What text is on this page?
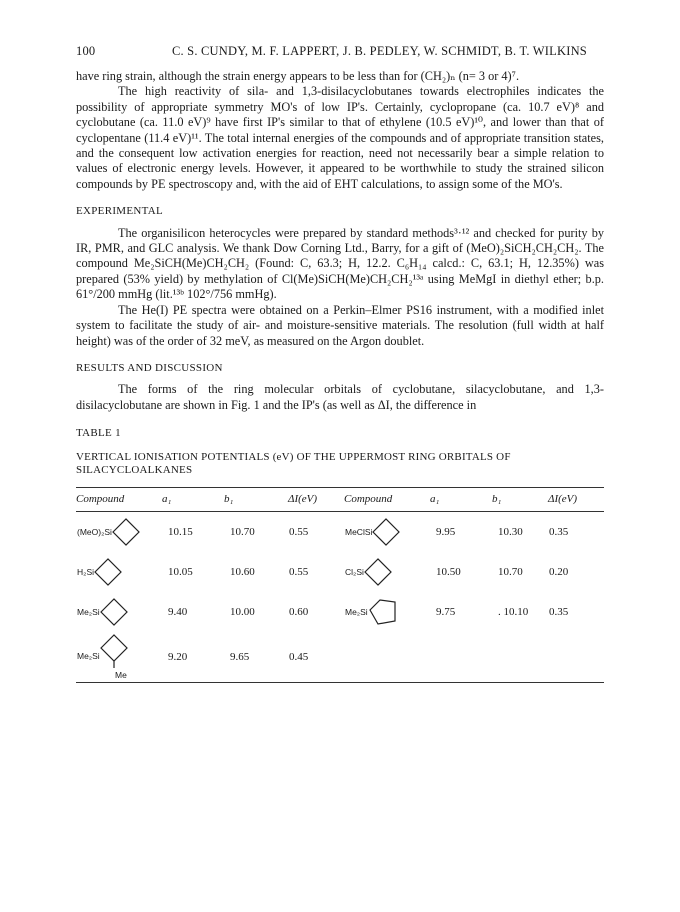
100	C. S. CUNDY, M. F. LAPPERT, J. B. PEDLEY, W. SCHMIDT, B. T. WILKINS

have ring strain, although the strain energy appears to be less than for (CH₂)ₙ (n= 3 or 4)⁷.

The high reactivity of sila- and 1,3-disilacyclobutanes towards electrophiles indicates the possibility of appropriate symmetry MO's of low IP's. Certainly, cyclopropane (ca. 10.7 eV)⁸ and cyclobutane (ca. 11.0 eV)⁹ have first IP's similar to that of ethylene (10.5 eV)¹⁰, and lower than that of cyclopentane (11.4 eV)¹¹. The total internal energies of the compounds and of appropriate transition states, and the consequent low activation energies for reaction, need not necessarily bear a simple relation to values of electronic energy levels. However, it appeared to be worthwhile to study the strained silicon compounds by PE spectroscopy and, with the aid of EHT calculations, to assign some of the MO's.

EXPERIMENTAL

The organisilicon heterocycles were prepared by standard methods³·¹² and checked for purity by IR, PMR, and GLC analysis. We thank Dow Corning Ltd., Barry, for a gift of (MeO)₂SiCH₂CH₂CH₂. The compound Me₂SiCH(Me)CH₂CH₂ (Found: C, 63.3; H, 12.2. C₆H₁₄ calcd.: C, 63.1; H, 12.35%) was prepared (53% yield) by methylation of Cl(Me)SiCH(Me)CH₂CH₂¹³ᵃ using MeMgI in diethyl ether; b.p. 61°/200 mmHg (lit.¹³ᵇ 102°/756 mmHg).

The He(I) PE spectra were obtained on a Perkin–Elmer PS16 instrument, with a modified inlet system to facilitate the study of air- and moisture-sensitive materials. The resolution (full width at half height) was of the order of 32 meV, as measured on the Argon doublet.

RESULTS AND DISCUSSION

The forms of the ring molecular orbitals of cyclobutane, silacyclobutane, and 1,3-disilacyclobutane are shown in Fig. 1 and the IP's (as well as ΔI, the difference in

TABLE 1
VERTICAL IONISATION POTENTIALS (eV) OF THE UPPERMOST RING ORBITALS OF SILACYCLOALKANES
Compound	a₁	b₁	ΔI(eV)	Compound	a₁	b₁	ΔI(eV)

(MeO)₂Si	10.15	10.70	0.55	MeClSi	9.95	10.30	0.35

H₂Si	10.05	10.60	0.55	Cl₂Si	10.50	10.70	0.20

Me₂Si	9.40	10.00	0.60	Me₂Si	9.75	. 10.10	0.35

Me₂Si
Me	9.20	9.65	0.45				
